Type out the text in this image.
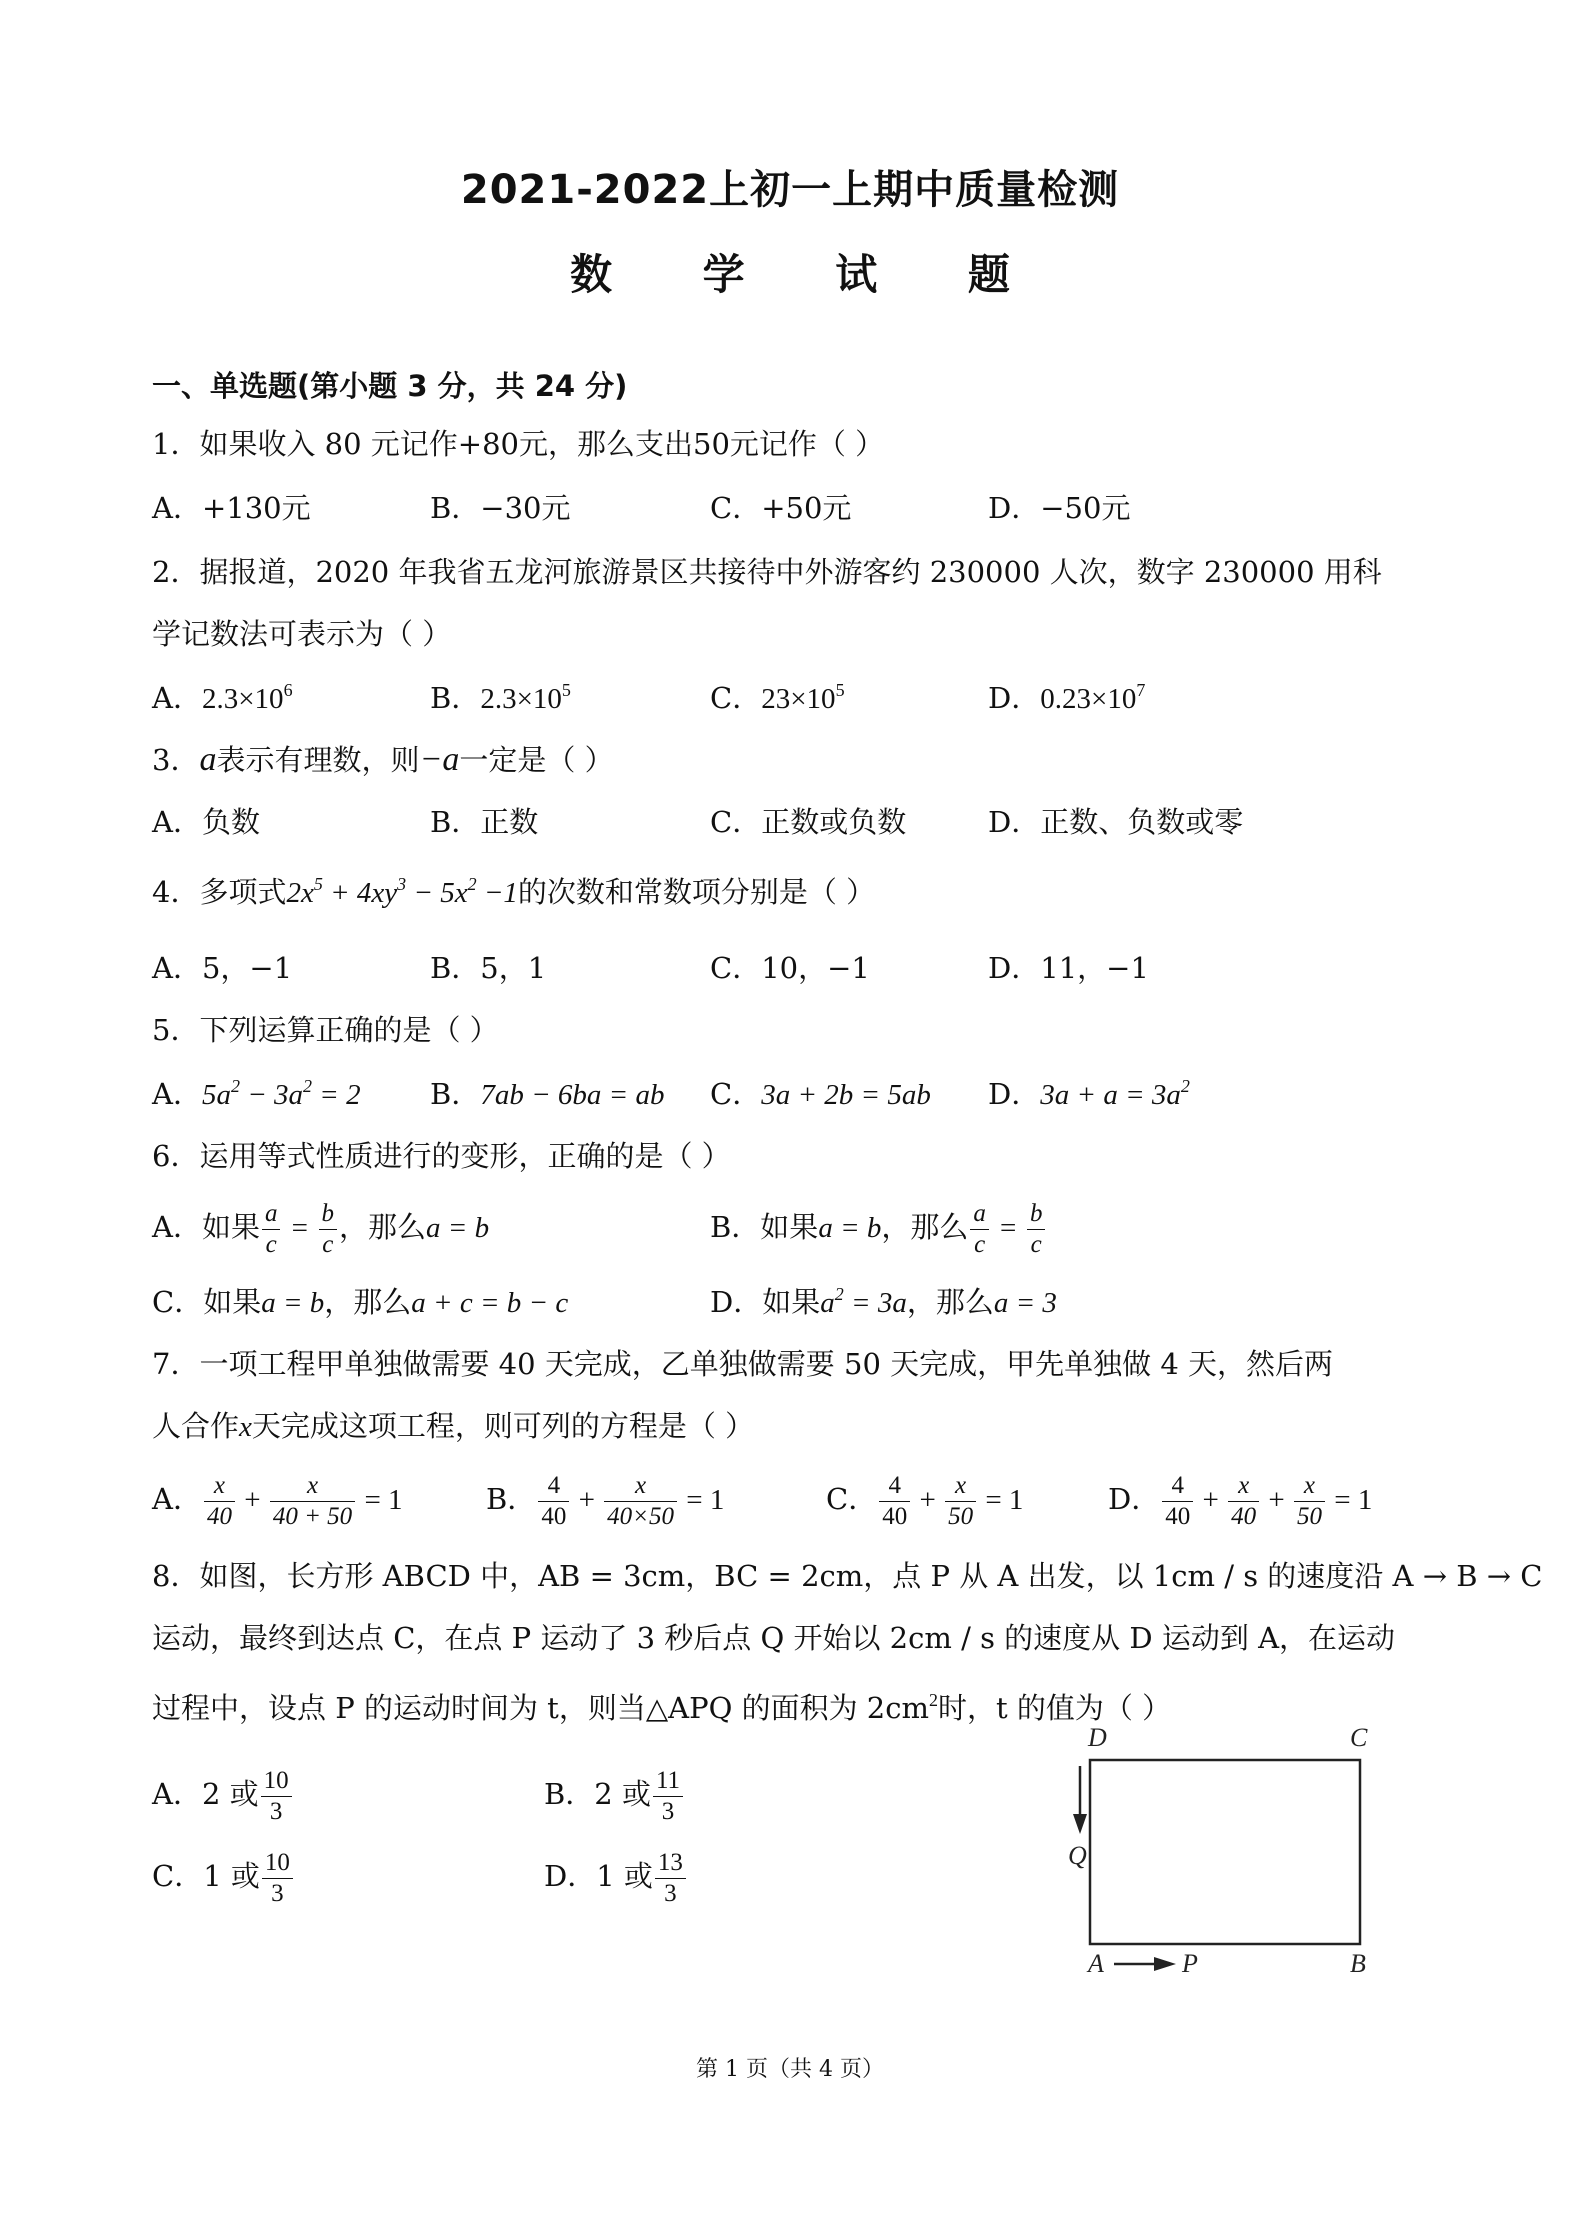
2021-2022上初一上期中质量检测
数 学 试 题
一、单选题(第小题 3 分，共 24 分)
1．如果收入 80 元记作+80元，那么支出50元记作（ ）
A．+130元	B．−30元	C．+50元	D．−50元
2．据报道，2020 年我省五龙河旅游景区共接待中外游客约 230000 人次，数字 230000 用科
学记数法可表示为（ ）
A．$2.3\times 10^6$	B．$2.3\times 10^5$	C．$23\times 10^5$	D．$0.23\times 10^7$
3．a表示有理数，则−a一定是（ ）
A．负数	B．正数	C．正数或负数	D．正数、负数或零
4．多项式$2x^5 + 4xy^3 - 5x^2 -1$的次数和常数项分别是（ ）
A．5，−1	B．5，1	C．10，−1	D．11，−1
5．下列运算正确的是（ ）
A．$5a^2 - 3a^2 = 2$ B．7ab − 6ba = ab C．3a + 2b = 5ab D．$3a + a = 3a^2$
6．运用等式性质进行的变形，正确的是（ ）
A．如果 $\frac{a}{c} = \frac{b}{c}$ ，那么a = b	B．如果a = b，那么 $\frac{a}{c} = \frac{b}{c}$
C．如果a = b，那么a + c = b − c	D．如果$a^2 = 3a$，那么a = 3
7．一项工程甲单独做需要 40 天完成，乙单独做需要 50 天完成，甲先单独做 4 天，然后两
人合作x天完成这项工程，则可列的方程是（ ）
A． $\frac{x}{40} + \frac{x}{40 + 50} = 1$	B． $\frac{4}{40} + \frac{x}{40\times 50} = 1$	C． $\frac{4}{40} + \frac{x}{50} = 1$	D． $\frac{4}{40} + \frac{x}{40} + \frac{x}{50} = 1$
8．如图，长方形 ABCD 中，AB = 3cm，BC = 2cm，点 P 从 A 出发，以 1cm / s 的速度沿 A → B → C
运动，最终到达点 C，在点 P 运动了 3 秒后点 Q 开始以 2cm / s 的速度从 D 运动到 A，在运动
过程中，设点 P 的运动时间为 t，则当△APQ 的面积为 $2cm^2$时，t 的值为（ ）
A．2 或 $\frac{10}{3}$	B．2 或 $\frac{11}{3}$
C．1 或 $\frac{10}{3}$	D．1 或 $\frac{13}{3}$
D	C
A	B
Q
P
第 1 页（共 4 页）
